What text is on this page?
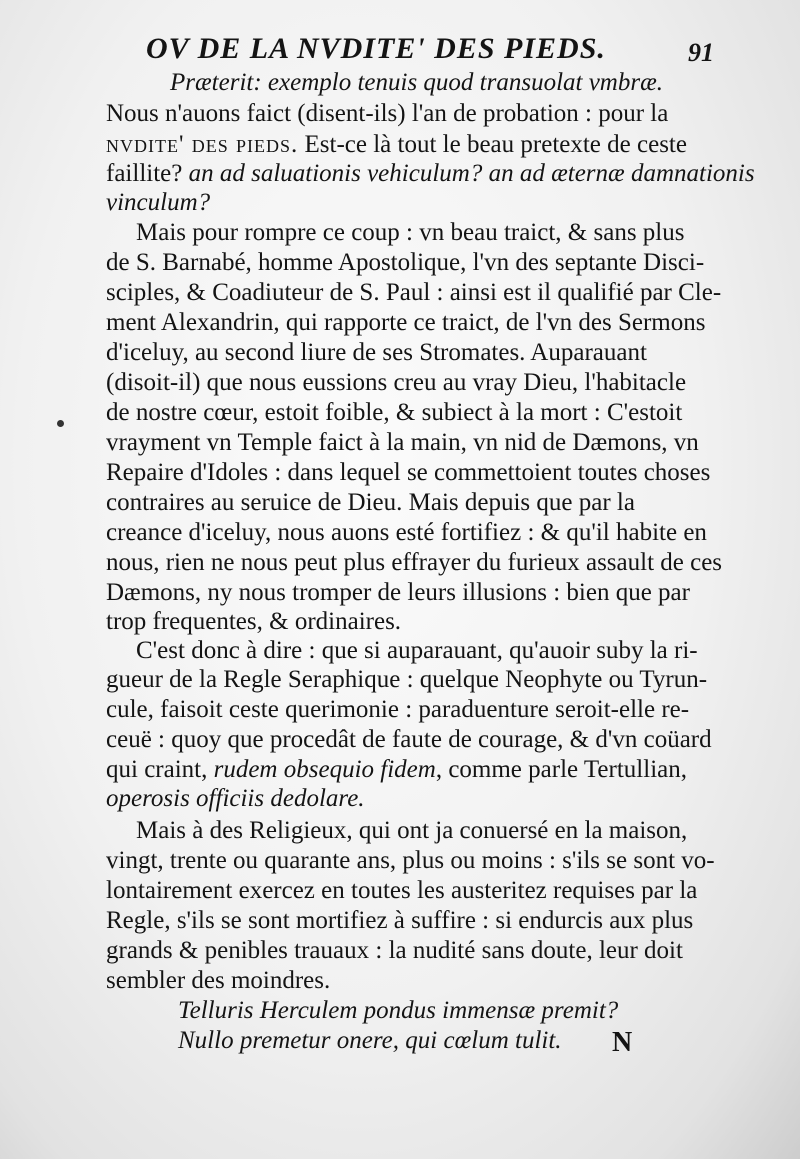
OV DE LA NVDITE' DES PIEDS.	91
Præterit: exemplo tenuis quod transuolat vmbræ.
Nous n'auons faict (disent-ils) l'an de probation : pour la
nvdite' des pieds. Est-ce là tout le beau pretexte de ceste
faillite? an ad saluationis vehiculum? an ad æternæ damnationis
vinculum?
Mais pour rompre ce coup : vn beau traict, & sans plus
de S. Barnabé, homme Apostolique, l'vn des septante Disci-
sciples, & Coadiuteur de S. Paul : ainsi est il qualifié par Cle-
ment Alexandrin, qui rapporte ce traict, de l'vn des Sermons
d'iceluy, au second liure de ses Stromates. Auparauant
(disoit-il) que nous eussions creu au vray Dieu, l'habitacle
de nostre cœur, estoit foible, & subiect à la mort : C'estoit
vrayment vn Temple faict à la main, vn nid de Dæmons, vn
Repaire d'Idoles : dans lequel se commettoient toutes choses
contraires au seruice de Dieu. Mais depuis que par la
creance d'iceluy, nous auons esté fortifiez : & qu'il habite en
nous, rien ne nous peut plus effrayer du furieux assault de ces
Dæmons, ny nous tromper de leurs illusions : bien que par
trop frequentes, & ordinaires.
C'est donc à dire : que si auparauant, qu'auoir suby la ri-
gueur de la Regle Seraphique : quelque Neophyte ou Tyrun-
cule, faisoit ceste querimonie : paraduenture seroit-elle re-
ceuë : quoy que procedât de faute de courage, & d'vn coüard
qui craint, rudem obsequio fidem, comme parle Tertullian,
operosis officiis dedolare.
Mais à des Religieux, qui ont ja conuersé en la maison,
vingt, trente ou quarante ans, plus ou moins : s'ils se sont vo-
lontairement exercez en toutes les austeritez requises par la
Regle, s'ils se sont mortifiez à suffire : si endurcis aux plus
grands & penibles trauaux : la nudité sans doute, leur doit
sembler des moindres.
Telluris Herculem pondus immensæ premit?
Nullo premetur onere, qui cœlum tulit. N
